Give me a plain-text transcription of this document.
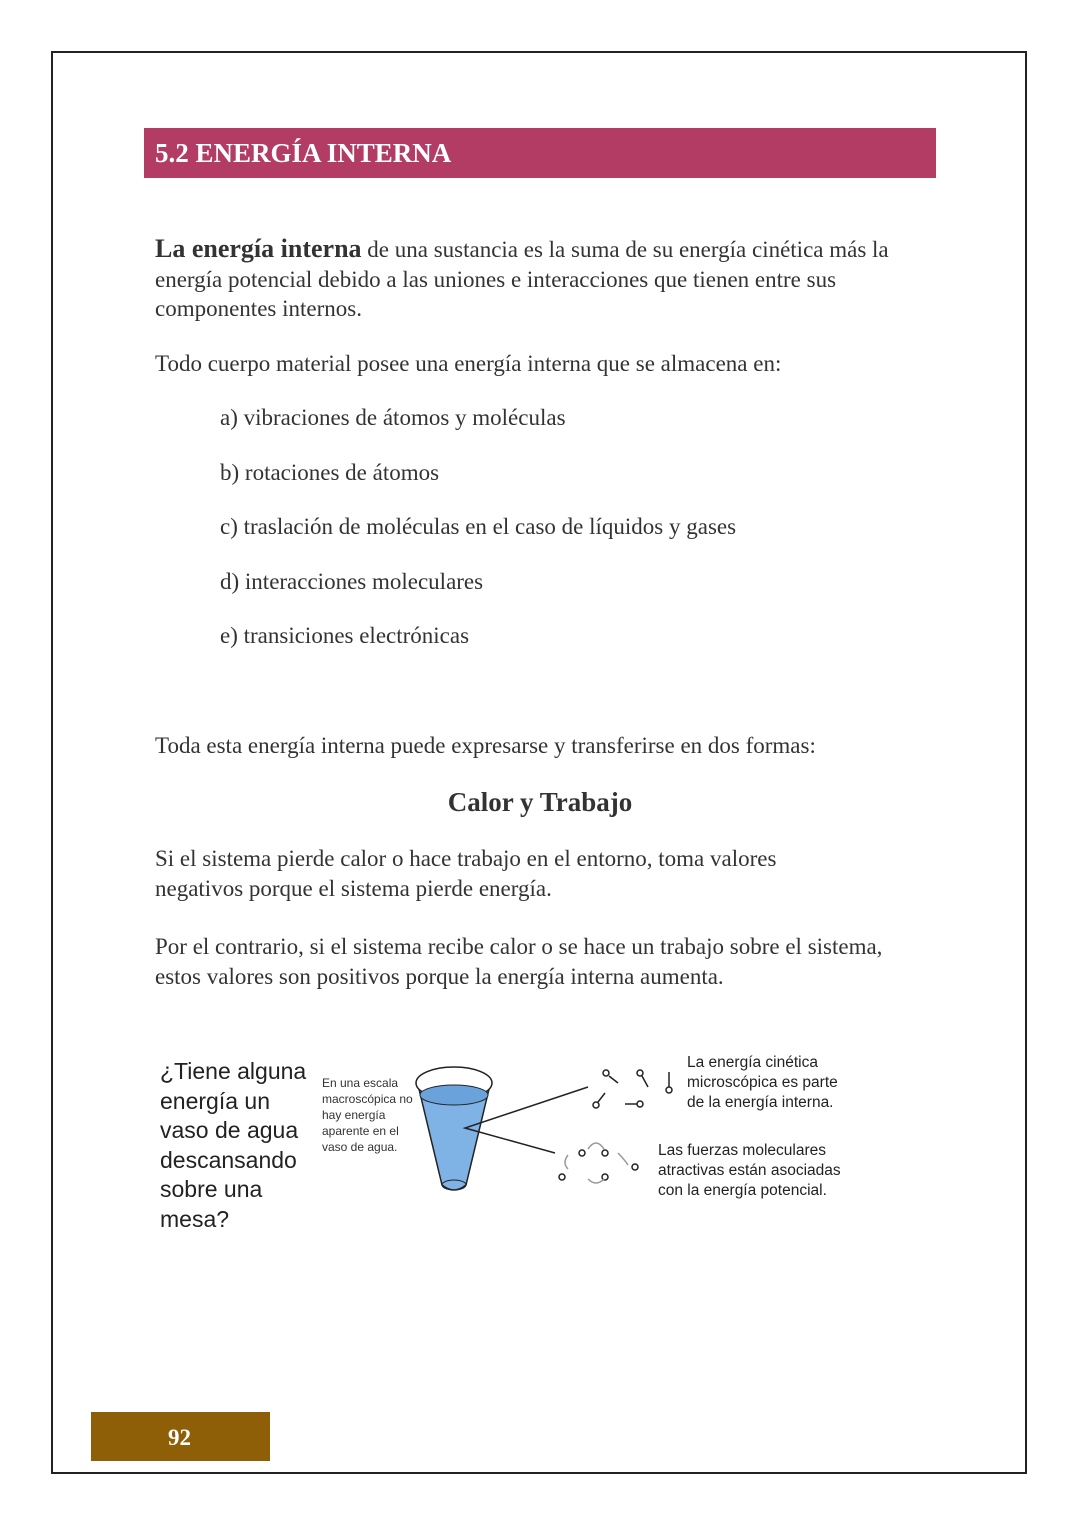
5.2 ENERGÍA INTERNA

La energía interna de una sustancia es la suma de su energía cinética más la energía potencial debido a las uniones e interacciones que tienen entre sus componentes internos.

Todo cuerpo material posee una energía interna que se almacena en:

a) vibraciones de átomos y moléculas
b) rotaciones de átomos
c) traslación de moléculas en el caso de líquidos y gases
d) interacciones moleculares
e) transiciones electrónicas

Toda esta energía interna puede expresarse y transferirse en dos formas:

Calor y Trabajo

Si el sistema pierde calor o hace trabajo en el entorno, toma valores negativos porque el sistema pierde energía.

Por el contrario, si el sistema recibe calor o se hace un trabajo sobre el sistema, estos valores son positivos porque la energía interna aumenta.

¿Tiene alguna energía un vaso de agua descansando sobre una mesa?
En una escala macroscópica no hay energía aparente en el vaso de agua.
La energía cinética microscópica es parte de la energía interna.
Las fuerzas moleculares atractivas están asociadas con la energía potencial.
92
